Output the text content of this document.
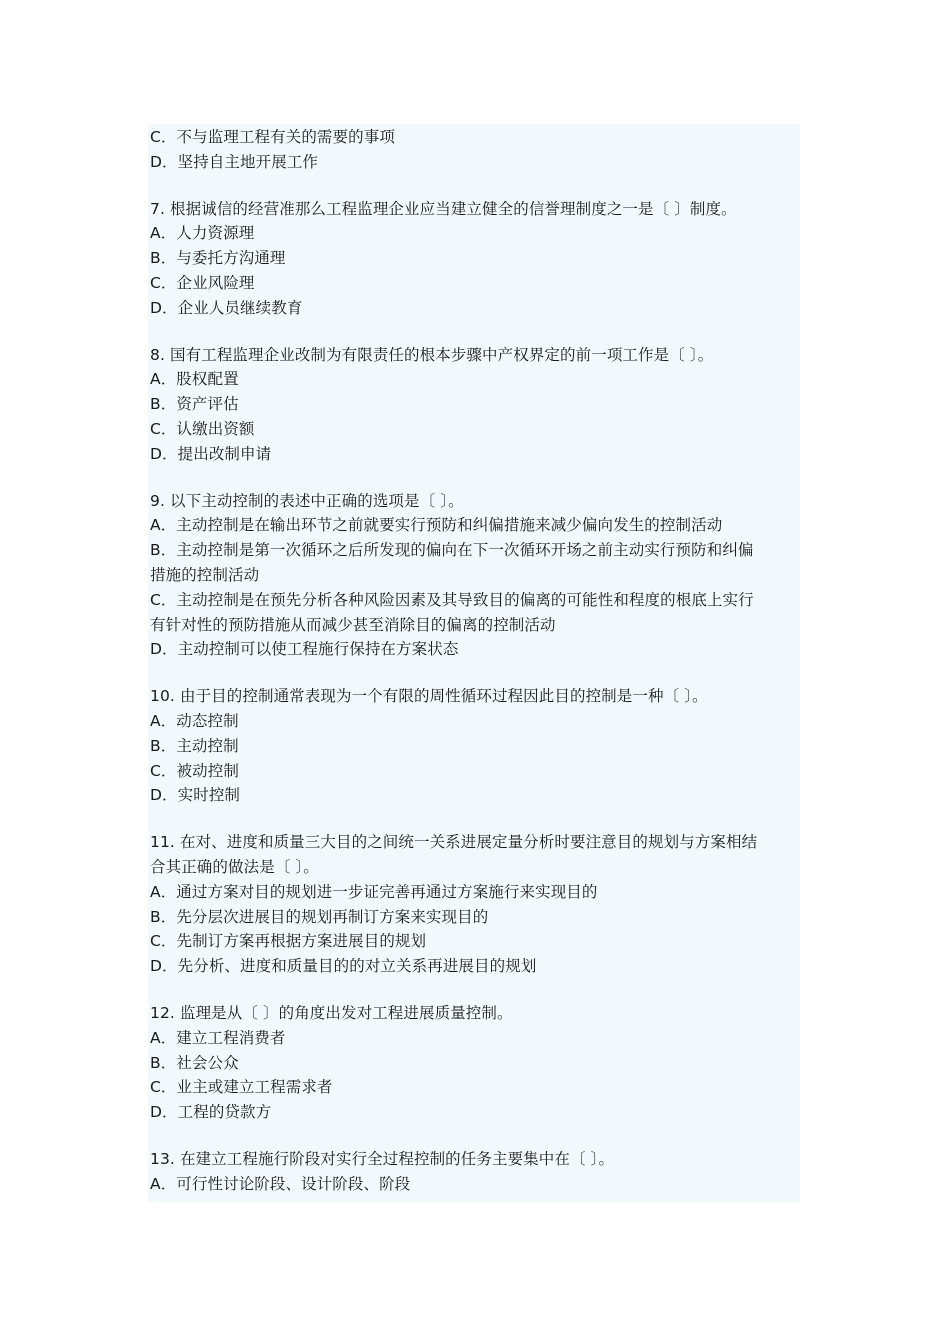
C．不与监理工程有关的需要的事项
D．坚持自主地开展工作
7. 根据诚信的经营准那么工程监理企业应当建立健全的信誉理制度之一是〔 〕制度。
A．人力资源理
B．与委托方沟通理
C．企业风险理
D．企业人员继续教育
8. 国有工程监理企业改制为有限责任的根本步骤中产权界定的前一项工作是〔 〕。
A．股权配置
B．资产评估
C．认缴出资额
D．提出改制申请
9. 以下主动控制的表述中正确的选项是〔 〕。
A．主动控制是在输出环节之前就要实行预防和纠偏措施来减少偏向发生的控制活动
B．主动控制是第一次循环之后所发现的偏向在下一次循环开场之前主动实行预防和纠偏
措施的控制活动
C．主动控制是在预先分析各种风险因素及其导致目的偏离的可能性和程度的根底上实行
有针对性的预防措施从而减少甚至消除目的偏离的控制活动
D．主动控制可以使工程施行保持在方案状态
10. 由于目的控制通常表现为一个有限的周性循环过程因此目的控制是一种〔 〕。
A．动态控制
B．主动控制
C．被动控制
D．实时控制
11. 在对、进度和质量三大目的之间统一关系进展定量分析时要注意目的规划与方案相结
合其正确的做法是〔 〕。
A．通过方案对目的规划进一步证完善再通过方案施行来实现目的
B．先分层次进展目的规划再制订方案来实现目的
C．先制订方案再根据方案进展目的规划
D．先分析、进度和质量目的的对立关系再进展目的规划
12. 监理是从〔 〕的角度出发对工程进展质量控制。
A．建立工程消费者
B．社会公众
C．业主或建立工程需求者
D．工程的贷款方
13. 在建立工程施行阶段对实行全过程控制的任务主要集中在〔 〕。
A．可行性讨论阶段、设计阶段、阶段
